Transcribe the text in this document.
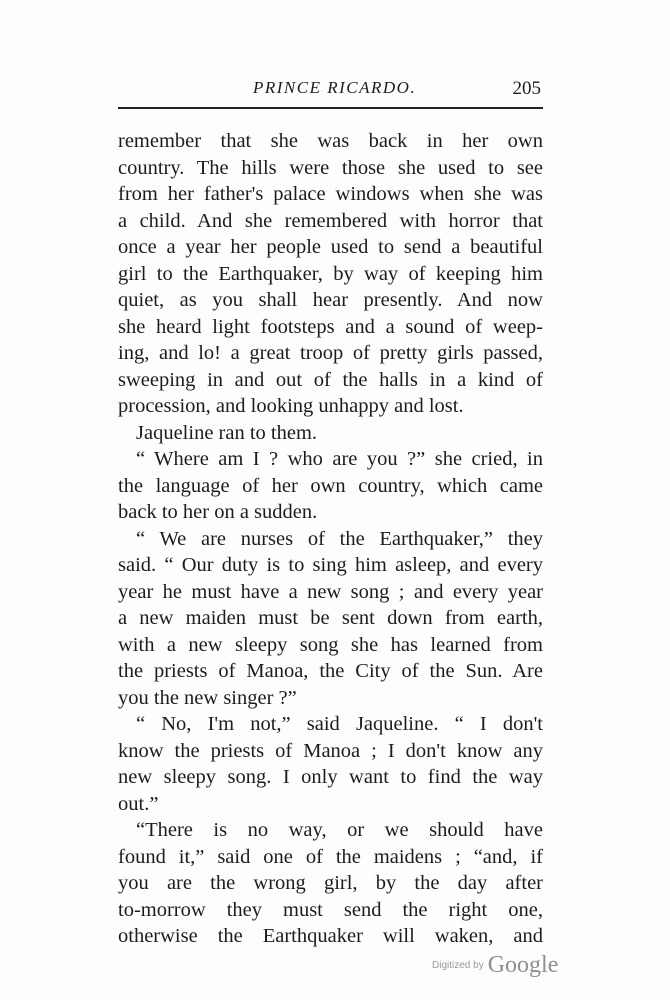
PRINCE RICARDO.	205
remember that she was back in her own
country. The hills were those she used to see
from her father's palace windows when she was
a child. And she remembered with horror that
once a year her people used to send a beautiful
girl to the Earthquaker, by way of keeping him
quiet, as you shall hear presently. And now
she heard light footsteps and a sound of weep-
ing, and lo! a great troop of pretty girls passed,
sweeping in and out of the halls in a kind of
procession, and looking unhappy and lost.
Jaqueline ran to them.
“ Where am I ? who are you ?” she cried, in
the language of her own country, which came
back to her on a sudden.
“ We are nurses of the Earthquaker,” they
said. “ Our duty is to sing him asleep, and every
year he must have a new song ; and every year
a new maiden must be sent down from earth,
with a new sleepy song she has learned from
the priests of Manoa, the City of the Sun. Are
you the new singer ?”
“ No, I'm not,” said Jaqueline. “ I don't
know the priests of Manoa ; I don't know any
new sleepy song. I only want to find the way
out.”
“There is no way, or we should have
found it,” said one of the maidens ; “and, if
you are the wrong girl, by the day after
to-morrow they must send the right one,
otherwise the Earthquaker will waken, and
Digitized by Google
